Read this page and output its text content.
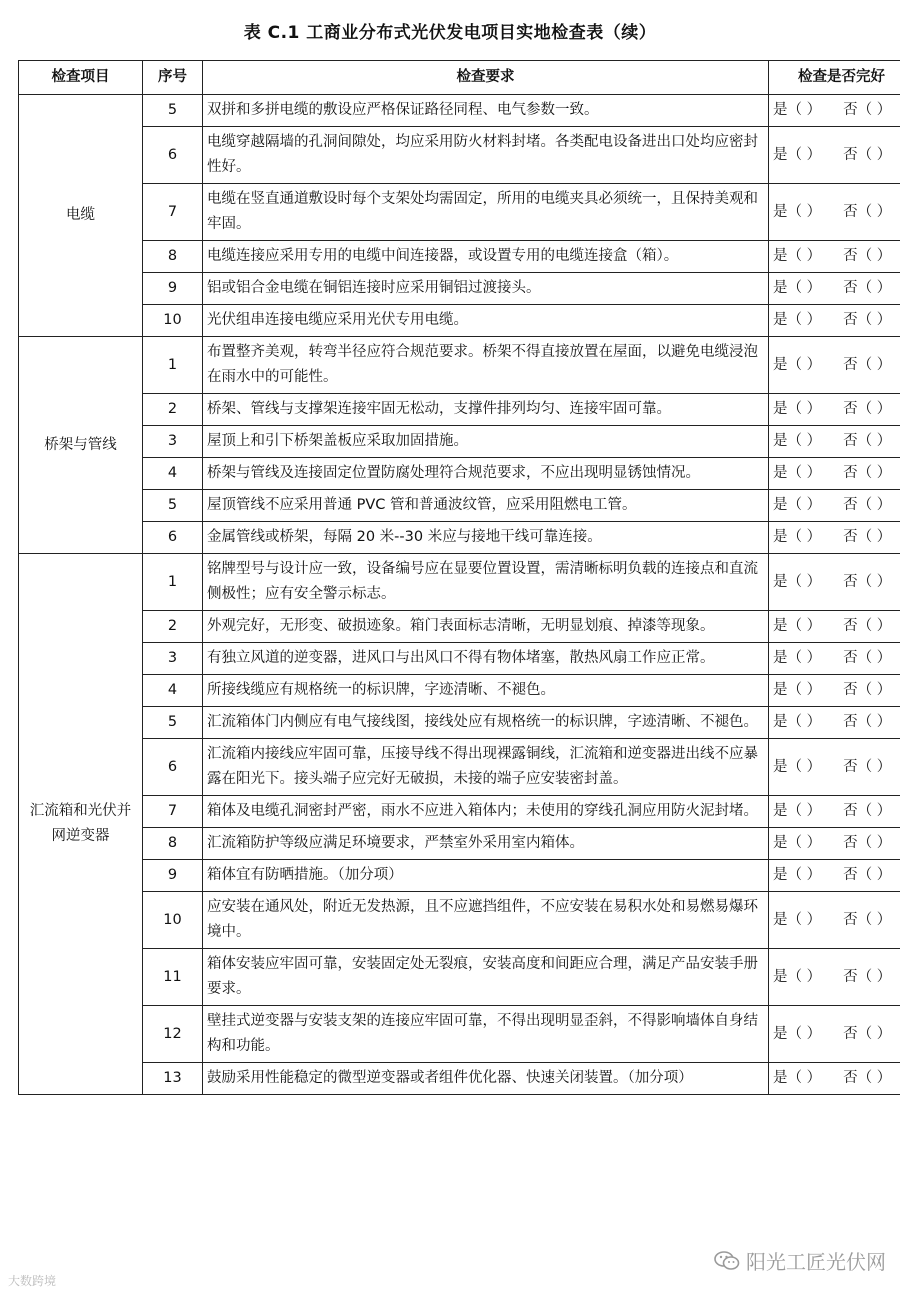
表 C.1 工商业分布式光伏发电项目实地检查表（续）
检查项目	序号	检查要求	检查是否完好
电缆	5	双拼和多拼电缆的敷设应严格保证路径同程、电气参数一致。	是（ ） 否（ ）
	6	电缆穿越隔墙的孔洞间隙处，均应采用防火材料封堵。各类配电设备进出口处均应密封性好。	是（ ） 否（ ）
	7	电缆在竖直通道敷设时每个支架处均需固定，所用的电缆夹具必须统一，且保持美观和牢固。	是（ ） 否（ ）
	8	电缆连接应采用专用的电缆中间连接器，或设置专用的电缆连接盒（箱）。	是（ ） 否（ ）
	9	铝或铝合金电缆在铜铝连接时应采用铜铝过渡接头。	是（ ） 否（ ）
	10	光伏组串连接电缆应采用光伏专用电缆。	是（ ） 否（ ）
桥架与管线	1	布置整齐美观，转弯半径应符合规范要求。桥架不得直接放置在屋面，以避免电缆浸泡在雨水中的可能性。	是（ ） 否（ ）
	2	桥架、管线与支撑架连接牢固无松动，支撑件排列均匀、连接牢固可靠。	是（ ） 否（ ）
	3	屋顶上和引下桥架盖板应采取加固措施。	是（ ） 否（ ）
	4	桥架与管线及连接固定位置防腐处理符合规范要求，不应出现明显锈蚀情况。	是（ ） 否（ ）
	5	屋顶管线不应采用普通 PVC 管和普通波纹管，应采用阻燃电工管。	是（ ） 否（ ）
	6	金属管线或桥架，每隔 20 米--30 米应与接地干线可靠连接。	是（ ） 否（ ）
汇流箱和光伏并网逆变器	1	铭牌型号与设计应一致，设备编号应在显要位置设置，需清晰标明负载的连接点和直流侧极性；应有安全警示标志。	是（ ） 否（ ）
	2	外观完好，无形变、破损迹象。箱门表面标志清晰，无明显划痕、掉漆等现象。	是（ ） 否（ ）
	3	有独立风道的逆变器，进风口与出风口不得有物体堵塞，散热风扇工作应正常。	是（ ） 否（ ）
	4	所接线缆应有规格统一的标识牌，字迹清晰、不褪色。	是（ ） 否（ ）
	5	汇流箱体门内侧应有电气接线图，接线处应有规格统一的标识牌，字迹清晰、不褪色。	是（ ） 否（ ）
	6	汇流箱内接线应牢固可靠，压接导线不得出现裸露铜线，汇流箱和逆变器进出线不应暴露在阳光下。接头端子应完好无破损，未接的端子应安装密封盖。	是（ ） 否（ ）
	7	箱体及电缆孔洞密封严密，雨水不应进入箱体内；未使用的穿线孔洞应用防火泥封堵。	是（ ） 否（ ）
	8	汇流箱防护等级应满足环境要求，严禁室外采用室内箱体。	是（ ） 否（ ）
	9	箱体宜有防晒措施。（加分项）	是（ ） 否（ ）
	10	应安装在通风处，附近无发热源，且不应遮挡组件，不应安装在易积水处和易燃易爆环境中。	是（ ） 否（ ）
	11	箱体安装应牢固可靠，安装固定处无裂痕，安装高度和间距应合理，满足产品安装手册要求。	是（ ） 否（ ）
	12	壁挂式逆变器与安装支架的连接应牢固可靠，不得出现明显歪斜，不得影响墙体自身结构和功能。	是（ ） 否（ ）
	13	鼓励采用性能稳定的微型逆变器或者组件优化器、快速关闭装置。（加分项）	是（ ） 否（ ）
大数跨境
阳光工匠光伏网
